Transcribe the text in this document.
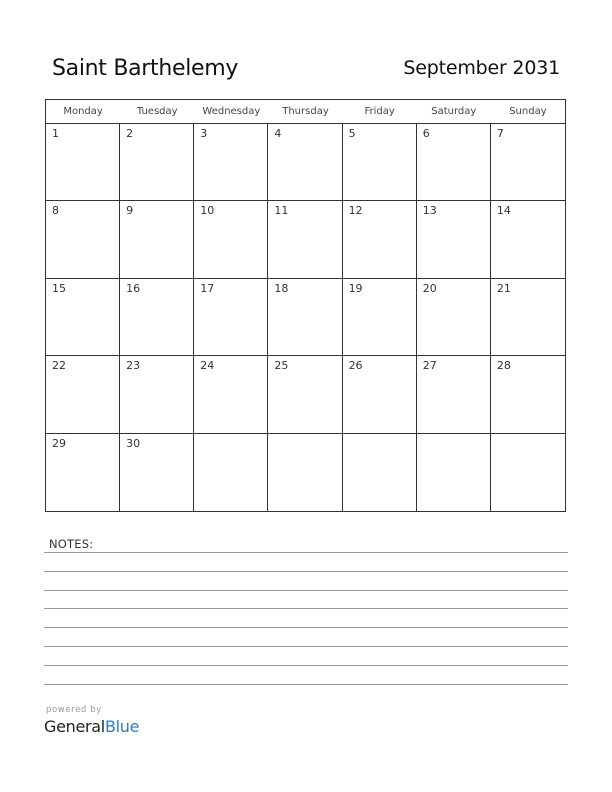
Saint Barthelemy	September 2031
Monday	Tuesday	Wednesday	Thursday	Friday	Saturday	Sunday
1	2	3	4	5	6	7
8	9	10	11	12	13	14
15	16	17	18	19	20	21
22	23	24	25	26	27	28
29	30
NOTES:
powered by
GeneralBlue
